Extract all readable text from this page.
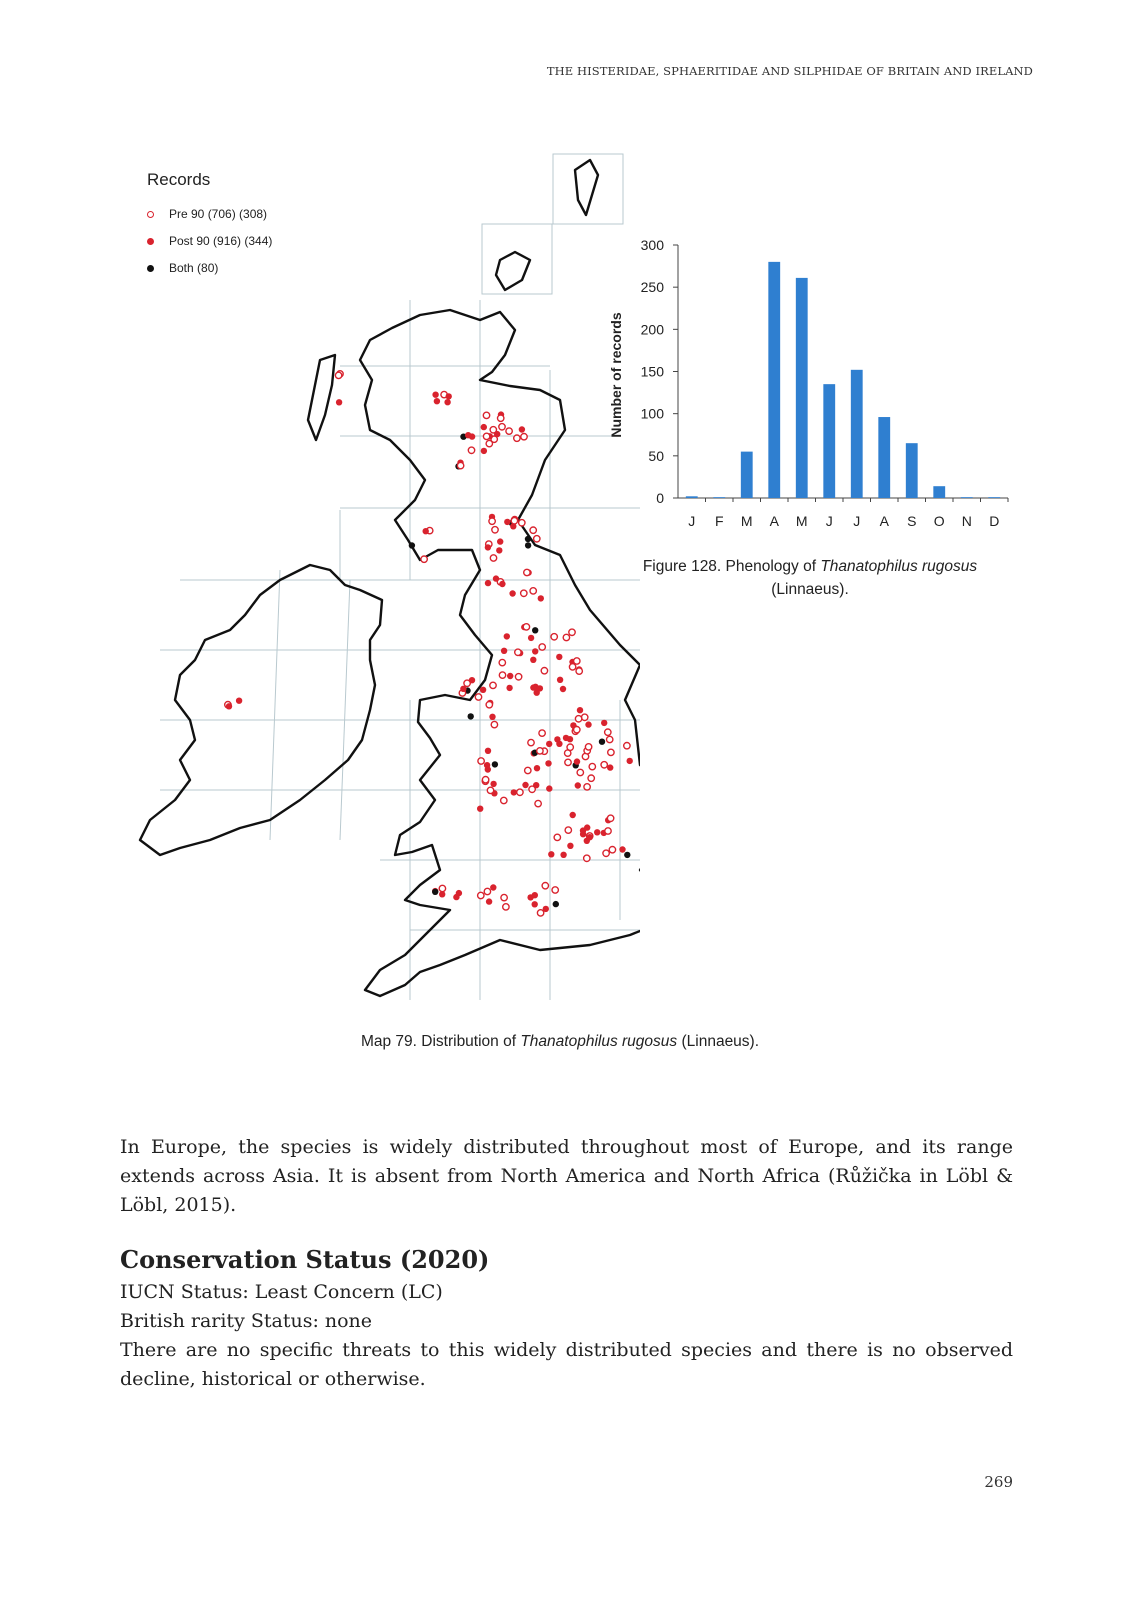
THE HISTERIDAE, SPHAERITIDAE AND SILPHIDAE OF BRITAIN AND IRELAND
Records
Pre 90 (706) (308)
Post 90 (916) (344)
Both (80)
Number of records
0
50
100
150
200
250
300
J F M A M J J A S O N D
Figure 128. Phenology of Thanatophilus rugosus
(Linnaeus).
Map 79. Distribution of Thanatophilus rugosus (Linnaeus).

In Europe, the species is widely distributed throughout most of Europe, and its range extends across Asia. It is absent from North America and North Africa (Růžička in Löbl & Löbl, 2015).

Conservation Status (2020)
IUCN Status: Least Concern (LC)
British rarity Status: none
There are no specific threats to this widely distributed species and there is no observed decline, historical or otherwise.
269
